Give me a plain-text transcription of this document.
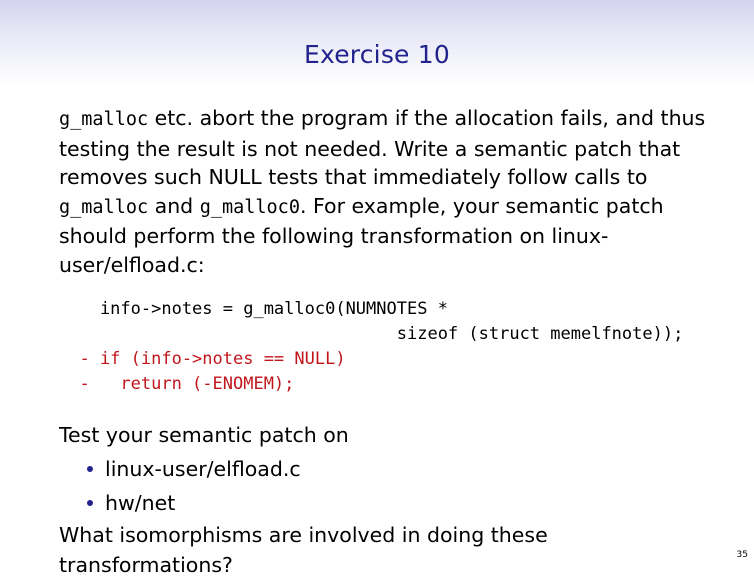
Exercise 10

g_malloc etc. abort the program if the allocation fails, and thus testing the result is not needed. Write a semantic patch that removes such NULL tests that immediately follow calls to g_malloc and g_malloc0. For example, your semantic patch should perform the following transformation on linux-user/elfload.c:

info->notes = g_malloc0(NUMNOTES *
sizeof (struct memelfnote));
- if (info->notes == NULL)
-   return (-ENOMEM);

Test your semantic patch on

linux-user/elfload.c
hw/net

What isomorphisms are involved in doing these transformations?	35
